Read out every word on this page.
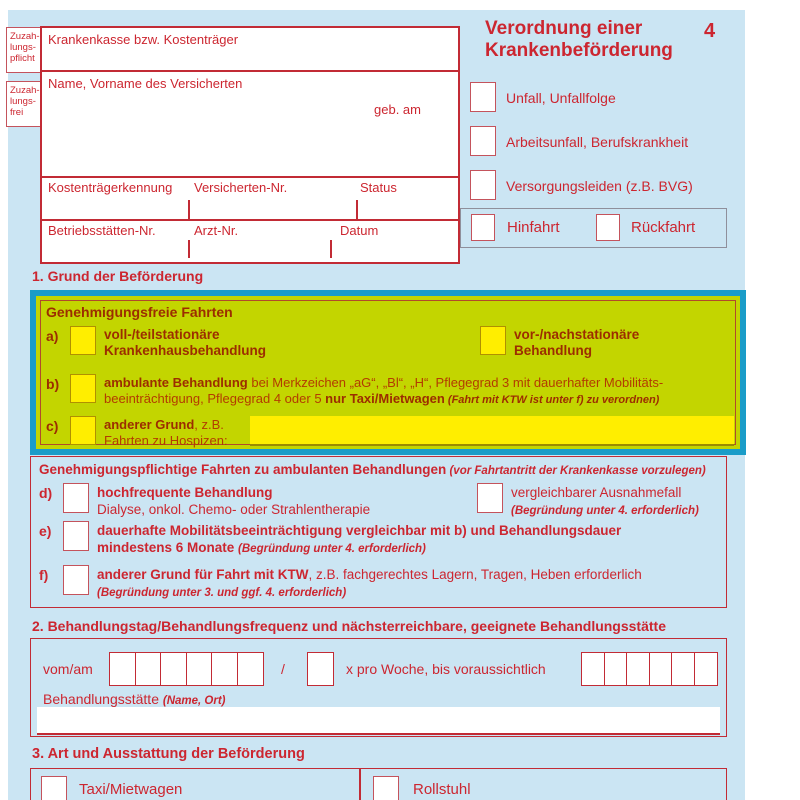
Zuzah-
lungs-
pflicht
Zuzah-
lungs-
frei
Krankenkasse bzw. Kostenträger
Name, Vorname des Versicherten
geb. am
Kostenträgerkennung Versicherten-Nr.	Status
Betriebsstätten-Nr.	Arzt-Nr.	Datum
Verordnung einer
Krankenbeförderung
4
Unfall, Unfallfolge
Arbeitsunfall, Berufskrankheit
Versorgungsleiden (z.B. BVG)
Hinfahrt	Rückfahrt
1. Grund der Beförderung
Genehmigungsfreie Fahrten
a)	voll-/teilstationäre
Krankenhausbehandlung
vor-/nachstationäre
Behandlung
b)	ambulante Behandlung bei Merkzeichen „aG“, „Bl“, „H“, Pflegegrad 3 mit dauerhafter Mobilitäts-
beeinträchtigung, Pflegegrad 4 oder 5 nur Taxi/Mietwagen (Fahrt mit KTW ist unter f) zu verordnen)
c)	anderer Grund, z.B.
Fahrten zu Hospizen:
Genehmigungspflichtige Fahrten zu ambulanten Behandlungen (vor Fahrtantritt der Krankenkasse vorzulegen)
d)	hochfrequente Behandlung
Dialyse, onkol. Chemo- oder Strahlentherapie
vergleichbarer Ausnahmefall
(Begründung unter 4. erforderlich)
e)	dauerhafte Mobilitätsbeeinträchtigung vergleichbar mit b) und Behandlungsdauer
mindestens 6 Monate (Begründung unter 4. erforderlich)
f)	anderer Grund für Fahrt mit KTW, z.B. fachgerechtes Lagern, Tragen, Heben erforderlich
(Begründung unter 3. und ggf. 4. erforderlich)
2. Behandlungstag/Behandlungsfrequenz und nächsterreichbare, geeignete Behandlungsstätte
vom/am	/	x pro Woche, bis voraussichtlich
Behandlungsstätte (Name, Ort)
3. Art und Ausstattung der Beförderung
Taxi/Mietwagen	Rollstuhl
